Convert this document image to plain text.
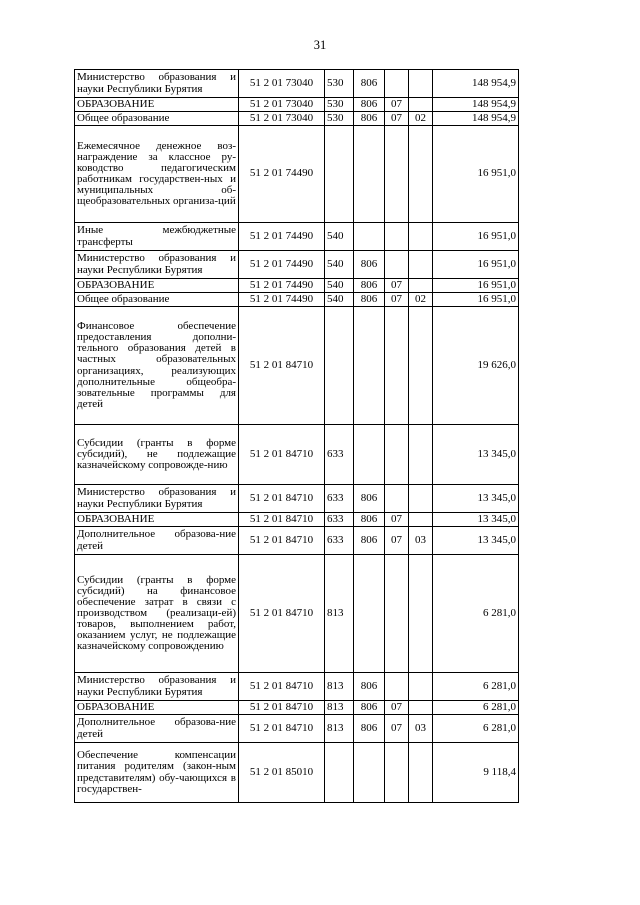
31
Министерство образования и науки Республики Бурятия	51 2 01 73040	530	806			148 954,9
ОБРАЗОВАНИЕ	51 2 01 73040	530	806	07		148 954,9
Общее образование	51 2 01 73040	530	806	07	02	148 954,9
Ежемесячное денежное воз-награждение за классное ру-ководство педагогическим работникам государствен-ных и муниципальных об-щеобразовательных организа-ций	51 2 01 74490					16 951,0
Иные межбюджетные трансферты	51 2 01 74490	540				16 951,0
Министерство образования и науки Республики Бурятия	51 2 01 74490	540	806			16 951,0
ОБРАЗОВАНИЕ	51 2 01 74490	540	806	07		16 951,0
Общее образование	51 2 01 74490	540	806	07	02	16 951,0
Финансовое обеспечение предоставления дополни-тельного образования детей в частных образовательных организациях, реализующих дополнительные общеобра-зовательные программы для детей	51 2 01 84710					19 626,0
Субсидии (гранты в форме субсидий), не подлежащие казначейскому сопровожде-нию	51 2 01 84710	633				13 345,0
Министерство образования и науки Республики Бурятия	51 2 01 84710	633	806			13 345,0
ОБРАЗОВАНИЕ	51 2 01 84710	633	806	07		13 345,0
Дополнительное образова-ние детей	51 2 01 84710	633	806	07	03	13 345,0
Субсидии (гранты в форме субсидий) на финансовое обеспечение затрат в связи с производством (реализаци-ей) товаров, выполнением работ, оказанием услуг, не подлежащие казначейскому сопровождению	51 2 01 84710	813				6 281,0
Министерство образования и науки Республики Бурятия	51 2 01 84710	813	806			6 281,0
ОБРАЗОВАНИЕ	51 2 01 84710	813	806	07		6 281,0
Дополнительное образова-ние детей	51 2 01 84710	813	806	07	03	6 281,0
Обеспечение компенсации питания родителям (закон-ным представителям) обу-чающихся в государствен-	51 2 01 85010					9 118,4
